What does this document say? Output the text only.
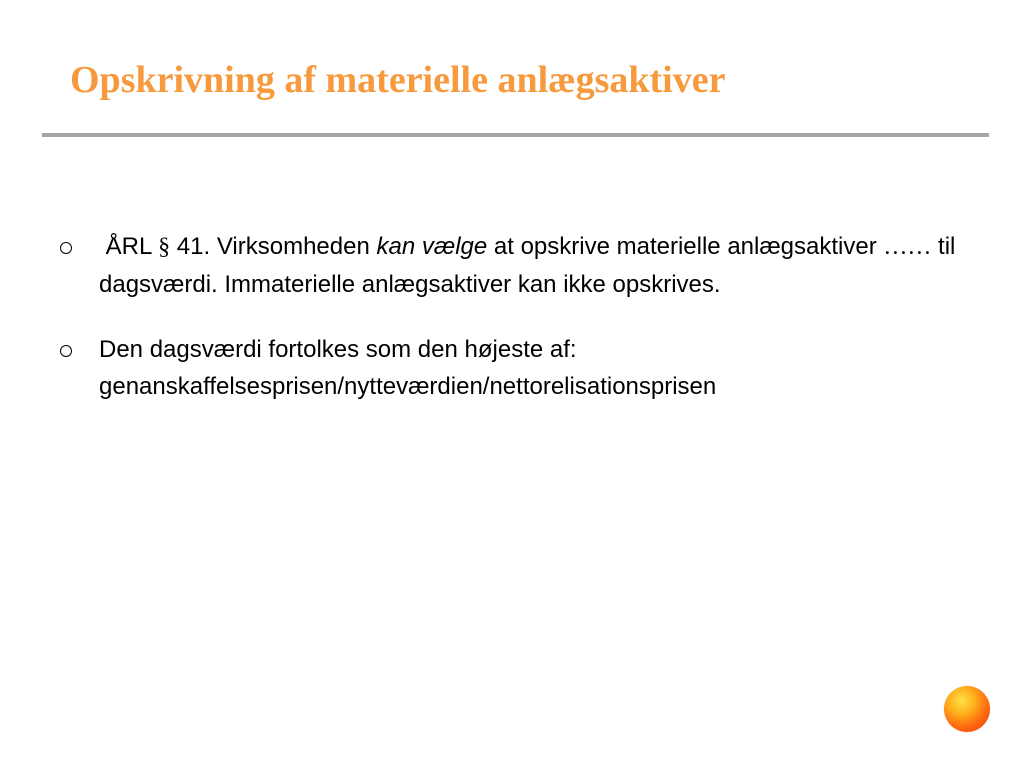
Opskrivning af materielle anlægsaktiver
ÅRL § 41. Virksomheden kan vælge at opskrive materielle anlægsaktiver …… til dagsværdi. Immaterielle anlægsaktiver kan ikke opskrives.
Den dagsværdi fortolkes som den højeste af: genanskaffelsesprisen/nytteværdien/nettorelisationsprisen
